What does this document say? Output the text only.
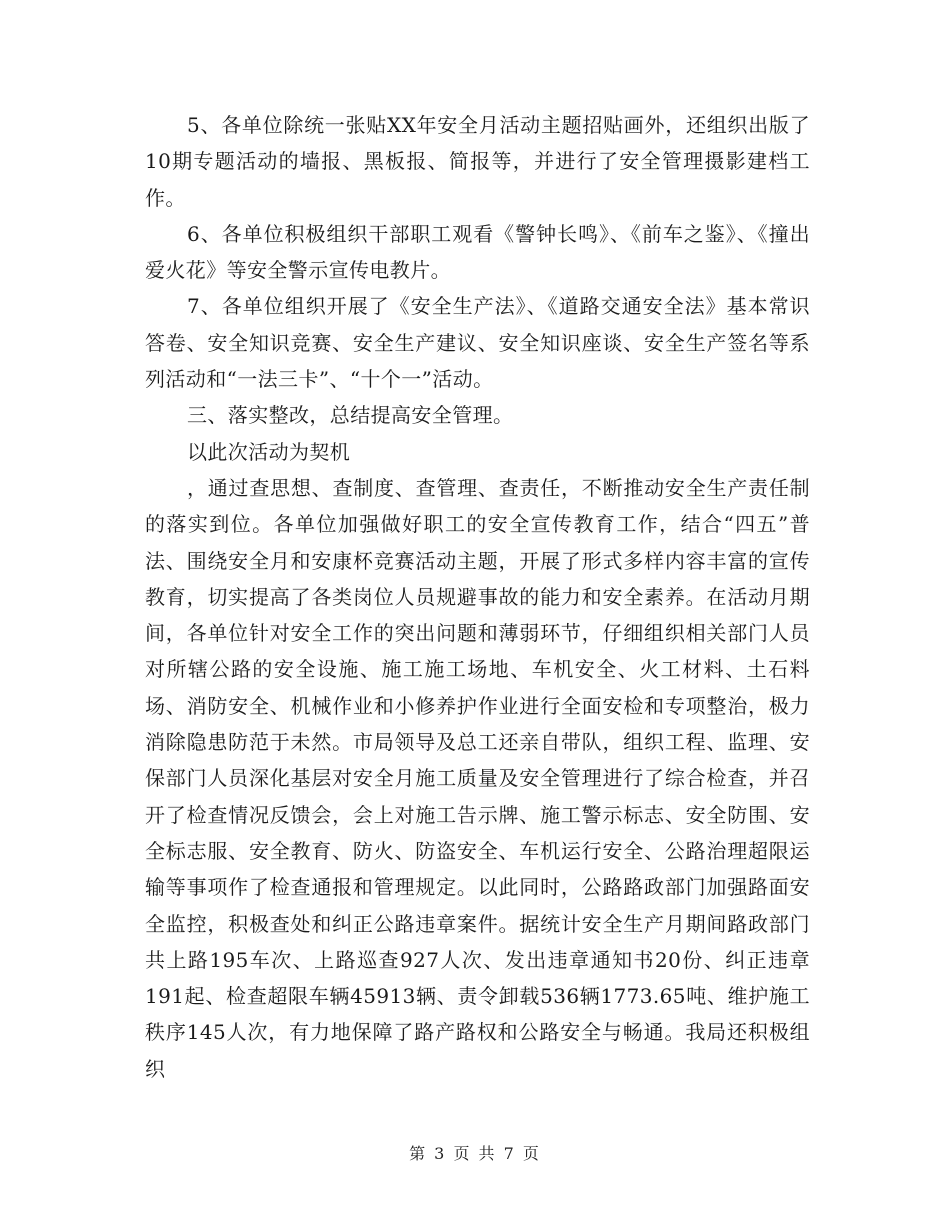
5、各单位除统一张贴XX年安全月活动主题招贴画外，还组织出版了10期专题活动的墙报、黑板报、简报等，并进行了安全管理摄影建档工作。

6、各单位积极组织干部职工观看《警钟长鸣》、《前车之鉴》、《撞出爱火花》等安全警示宣传电教片。

7、各单位组织开展了《安全生产法》、《道路交通安全法》基本常识答卷、安全知识竞赛、安全生产建议、安全知识座谈、安全生产签名等系列活动和“一法三卡”、“十个一”活动。

三、落实整改，总结提高安全管理。

以此次活动为契机

，通过查思想、查制度、查管理、查责任，不断推动安全生产责任制的落实到位。各单位加强做好职工的安全宣传教育工作，结合“四五”普法、围绕安全月和安康杯竞赛活动主题，开展了形式多样内容丰富的宣传教育，切实提高了各类岗位人员规避事故的能力和安全素养。在活动月期间，各单位针对安全工作的突出问题和薄弱环节，仔细组织相关部门人员对所辖公路的安全设施、施工施工场地、车机安全、火工材料、土石料场、消防安全、机械作业和小修养护作业进行全面安检和专项整治，极力消除隐患防范于未然。市局领导及总工还亲自带队，组织工程、监理、安保部门人员深化基层对安全月施工质量及安全管理进行了综合检查，并召开了检查情况反馈会，会上对施工告示牌、施工警示标志、安全防围、安全标志服、安全教育、防火、防盗安全、车机运行安全、公路治理超限运输等事项作了检查通报和管理规定。以此同时，公路路政部门加强路面安全监控，积极查处和纠正公路违章案件。据统计安全生产月期间路政部门共上路195车次、上路巡查927人次、发出违章通知书20份、纠正违章191起、检查超限车辆45913辆、责令卸载536辆1773.65吨、维护施工秩序145人次，有力地保障了路产路权和公路安全与畅通。我局还积极组织

第 3 页 共 7 页
